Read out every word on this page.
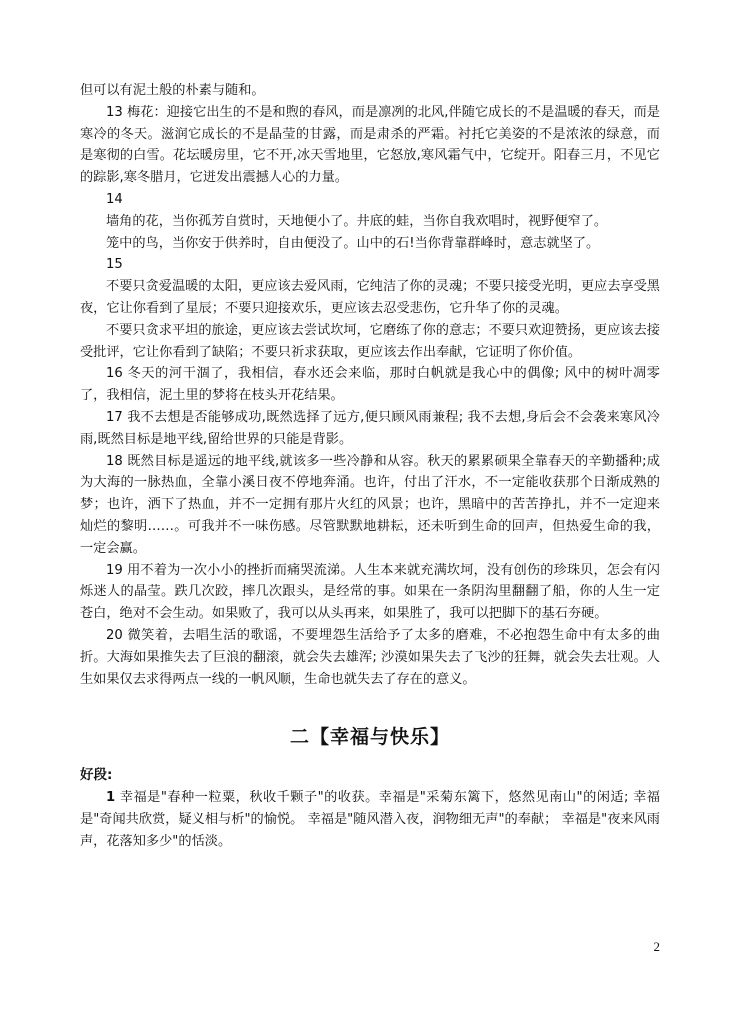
但可以有泥土般的朴素与随和。

13 梅花：迎接它出生的不是和煦的春风，而是凛冽的北风,伴随它成长的不是温暖的春天，而是寒冷的冬天。滋润它成长的不是晶莹的甘露，而是肃杀的严霜。衬托它美姿的不是浓浓的绿意，而是寒彻的白雪。花坛暖房里，它不开,冰天雪地里，它怒放,寒风霜气中，它绽开。阳春三月，不见它的踪影,寒冬腊月，它迸发出震撼人心的力量。

14

墙角的花，当你孤芳自赏时，天地便小了。井底的蛙，当你自我欢唱时，视野便窄了。

笼中的鸟，当你安于供养时，自由便没了。山中的石!当你背靠群峰时，意志就坚了。

15

不要只贪爱温暖的太阳，更应该去爱风雨，它纯洁了你的灵魂；不要只接受光明，更应去享受黑夜，它让你看到了星辰；不要只迎接欢乐，更应该去忍受悲伤，它升华了你的灵魂。

不要只贪求平坦的旅途，更应该去尝试坎坷，它磨练了你的意志；不要只欢迎赞扬，更应该去接受批评，它让你看到了缺陷；不要只祈求获取，更应该去作出奉献，它证明了你价值。

16 冬天的河干涸了，我相信，春水还会来临，那时白帆就是我心中的偶像; 风中的树叶凋零了，我相信，泥土里的梦将在枝头开花结果。

17 我不去想是否能够成功,既然选择了远方,便只顾风雨兼程; 我不去想,身后会不会袭来寒风冷雨,既然目标是地平线,留给世界的只能是背影。

18 既然目标是遥远的地平线,就该多一些冷静和从容。秋天的累累硕果全靠春天的辛勤播种;成为大海的一脉热血，全靠小溪日夜不停地奔涌。也许，付出了汗水，不一定能收获那个日渐成熟的梦；也许，洒下了热血，并不一定拥有那片火红的风景；也许，黑暗中的苦苦挣扎，并不一定迎来灿烂的黎明……。可我并不一味伤感。尽管默默地耕耘，还未听到生命的回声，但热爱生命的我，一定会赢。

19 用不着为一次小小的挫折而痛哭流涕。人生本来就充满坎坷，没有创伤的珍珠贝，怎会有闪烁迷人的晶莹。跌几次跤，摔几次跟头，是经常的事。如果在一条阴沟里翻翻了船，你的人生一定苍白，绝对不会生动。如果败了，我可以从头再来，如果胜了，我可以把脚下的基石夯硬。

20 微笑着，去唱生活的歌谣，不要埋怨生活给予了太多的磨难，不必抱怨生命中有太多的曲折。大海如果推失去了巨浪的翻滚，就会失去雄浑; 沙漠如果失去了飞沙的狂舞，就会失去壮观。人生如果仅去求得两点一线的一帆风顺，生命也就失去了存在的意义。

二【幸福与快乐】
好段:

1 幸福是"春种一粒粟，秋收千颗子"的收获。幸福是"采菊东篱下，悠然见南山"的闲适; 幸福是"奇闻共欣赏，疑义相与析"的愉悦。 幸福是"随风潜入夜，润物细无声"的奉献； 幸福是"夜来风雨声，花落知多少"的恬淡。

2
